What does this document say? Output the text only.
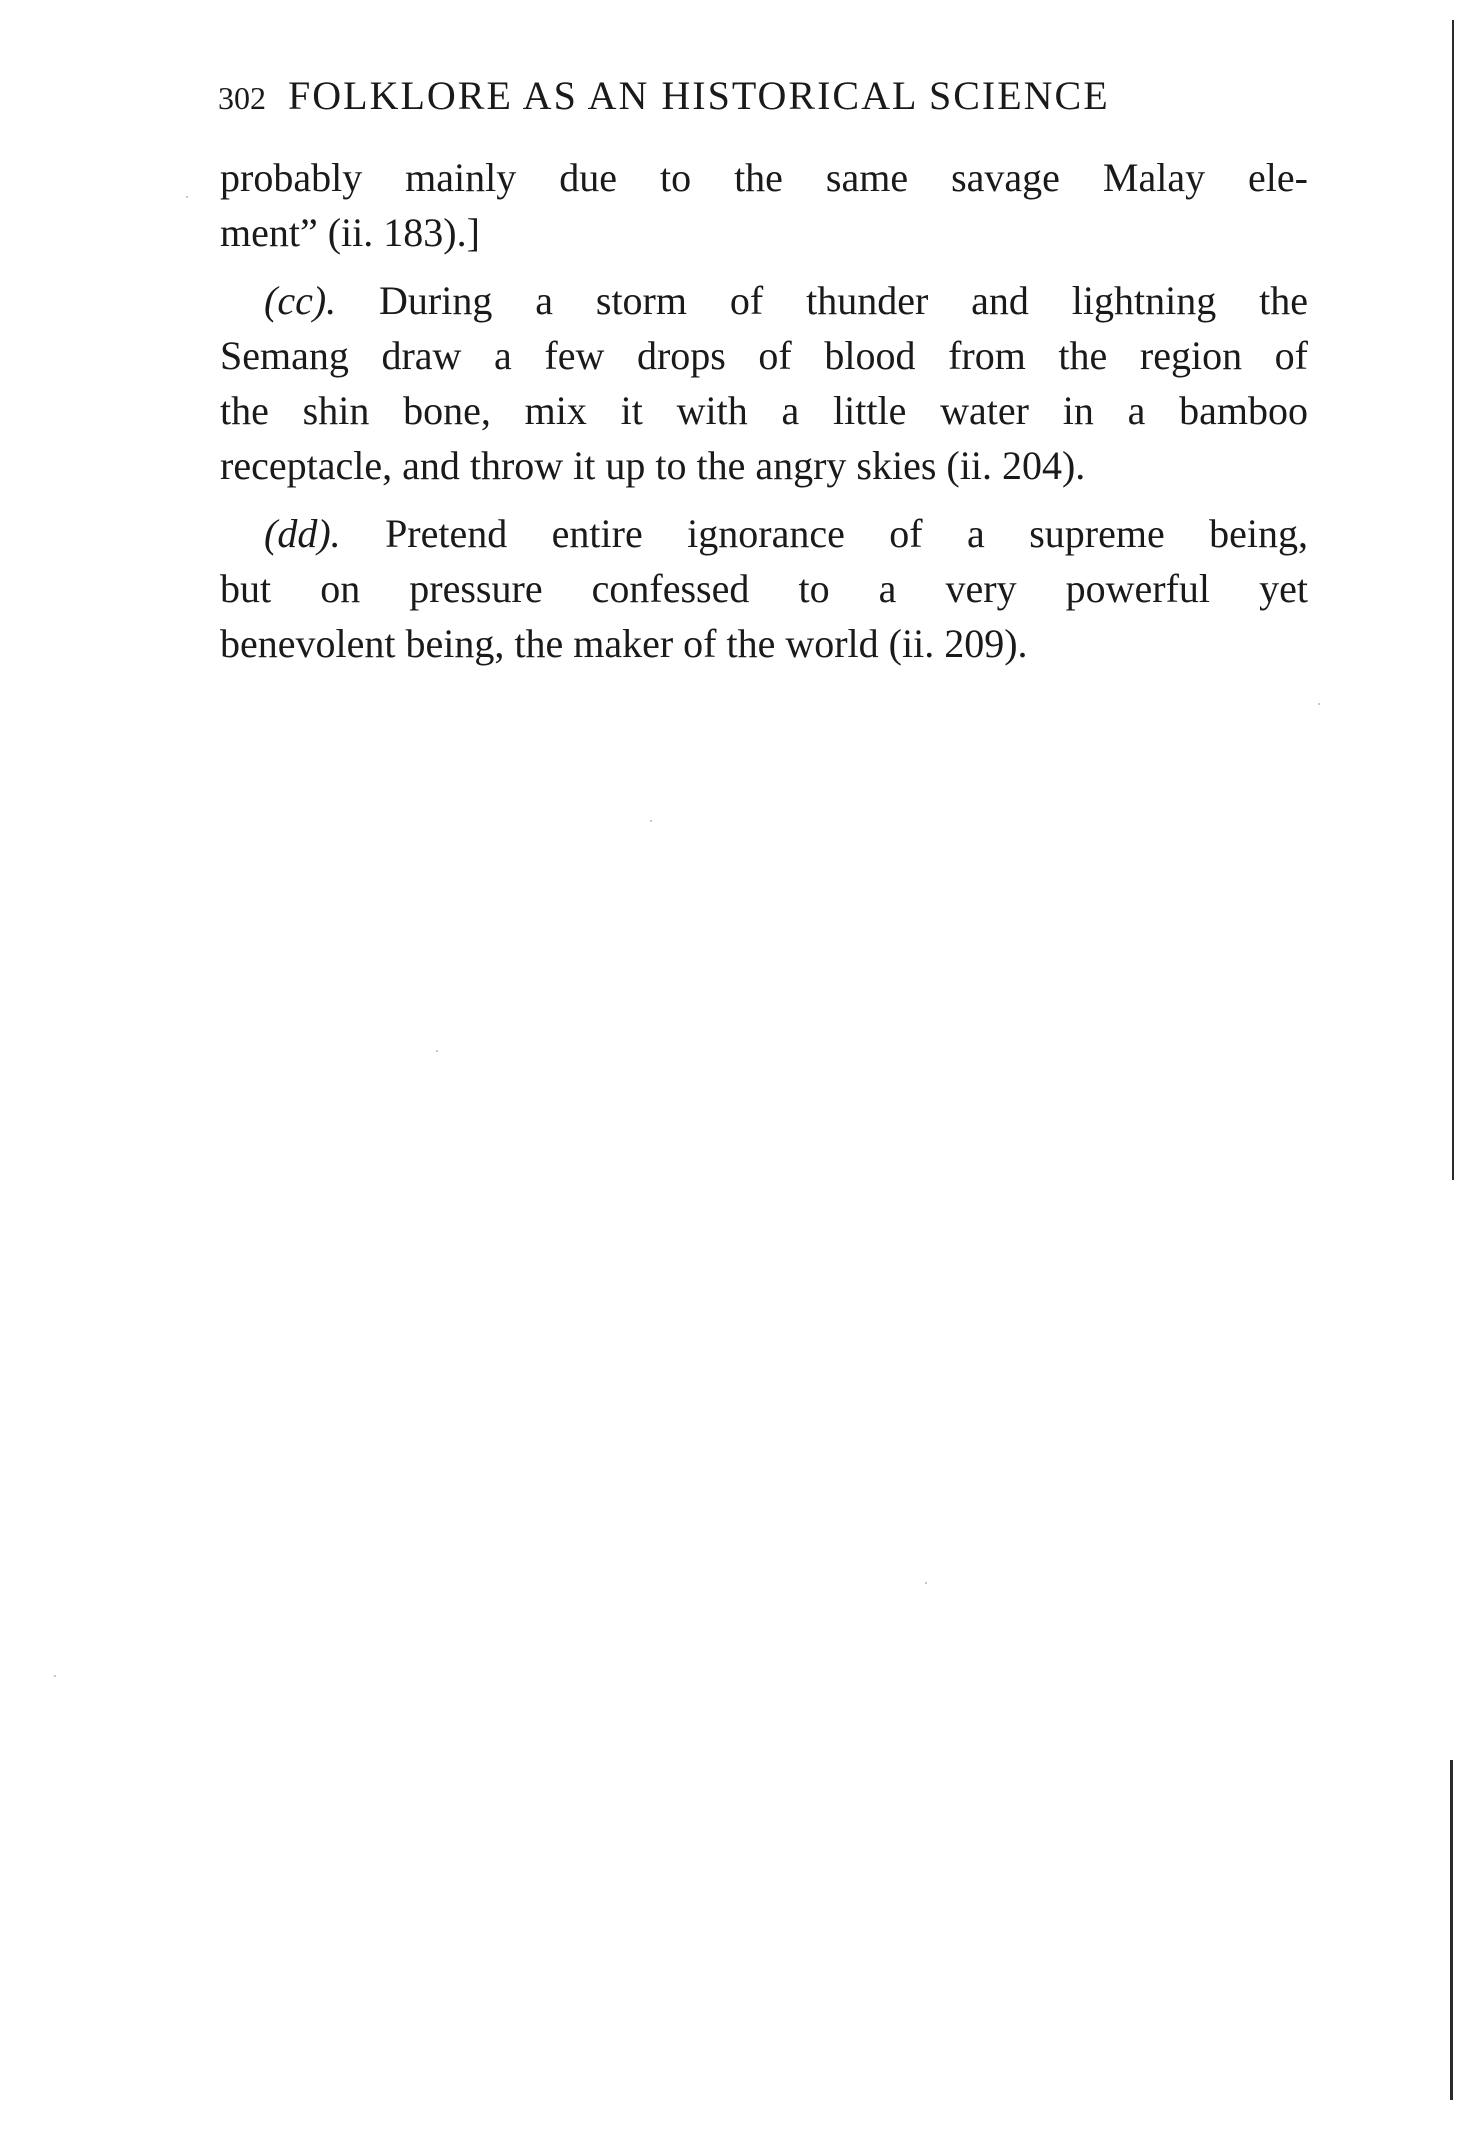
302 FOLKLORE AS AN HISTORICAL SCIENCE
probably mainly due to the same savage Malay ele-
ment” (ii. 183).]
(cc). During a storm of thunder and lightning the
Semang draw a few drops of blood from the region of
the shin bone, mix it with a little water in a bamboo
receptacle, and throw it up to the angry skies (ii. 204).
(dd). Pretend entire ignorance of a supreme being,
but on pressure confessed to a very powerful yet
benevolent being, the maker of the world (ii. 209).
